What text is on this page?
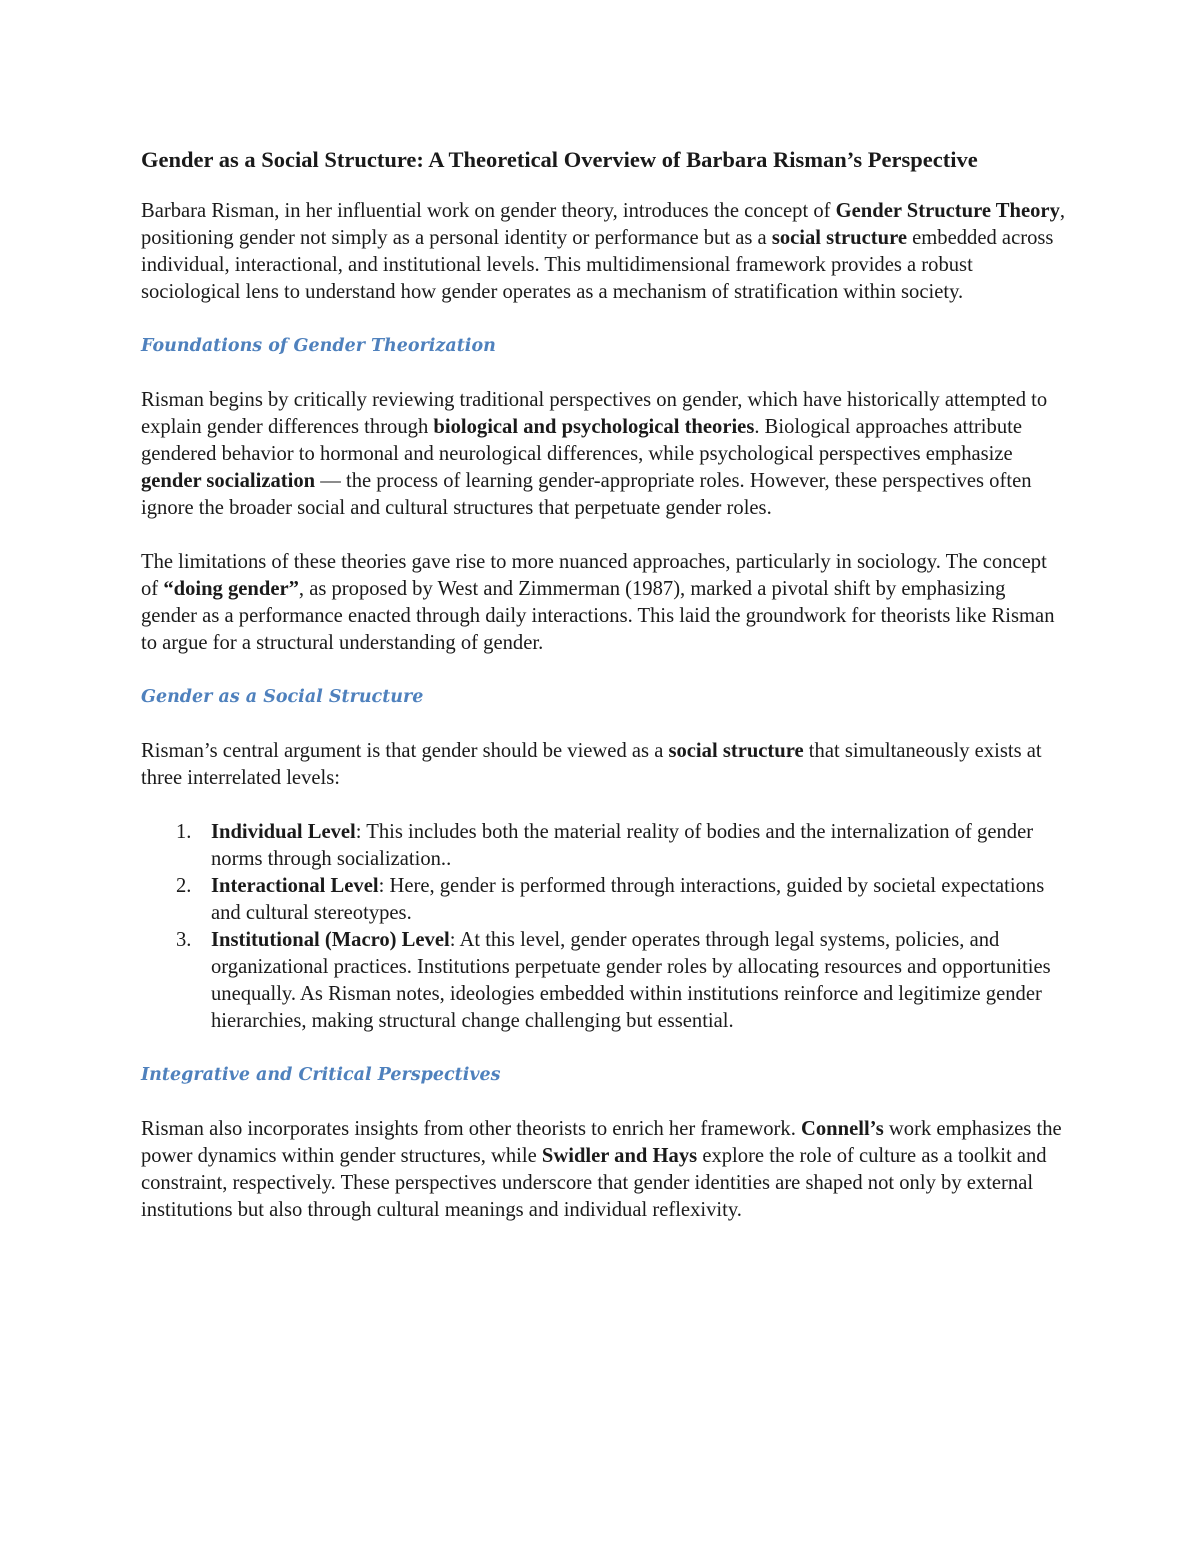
Gender as a Social Structure: A Theoretical Overview of Barbara Risman’s Perspective

Barbara Risman, in her influential work on gender theory, introduces the concept of Gender Structure Theory, positioning gender not simply as a personal identity or performance but as a social structure embedded across individual, interactional, and institutional levels. This multidimensional framework provides a robust sociological lens to understand how gender operates as a mechanism of stratification within society.

Foundations of Gender Theorization

Risman begins by critically reviewing traditional perspectives on gender, which have historically attempted to explain gender differences through biological and psychological theories. Biological approaches attribute gendered behavior to hormonal and neurological differences, while psychological perspectives emphasize gender socialization — the process of learning gender-appropriate roles. However, these perspectives often ignore the broader social and cultural structures that perpetuate gender roles.

The limitations of these theories gave rise to more nuanced approaches, particularly in sociology. The concept of “doing gender”, as proposed by West and Zimmerman (1987), marked a pivotal shift by emphasizing gender as a performance enacted through daily interactions. This laid the groundwork for theorists like Risman to argue for a structural understanding of gender.

Gender as a Social Structure

Risman’s central argument is that gender should be viewed as a social structure that simultaneously exists at three interrelated levels:

1. Individual Level: This includes both the material reality of bodies and the internalization of gender norms through socialization..
2. Interactional Level: Here, gender is performed through interactions, guided by societal expectations and cultural stereotypes.
3. Institutional (Macro) Level: At this level, gender operates through legal systems, policies, and organizational practices. Institutions perpetuate gender roles by allocating resources and opportunities unequally. As Risman notes, ideologies embedded within institutions reinforce and legitimize gender hierarchies, making structural change challenging but essential.
Integrative and Critical Perspectives

Risman also incorporates insights from other theorists to enrich her framework. Connell’s work emphasizes the power dynamics within gender structures, while Swidler and Hays explore the role of culture as a toolkit and constraint, respectively. These perspectives underscore that gender identities are shaped not only by external institutions but also through cultural meanings and individual reflexivity.
